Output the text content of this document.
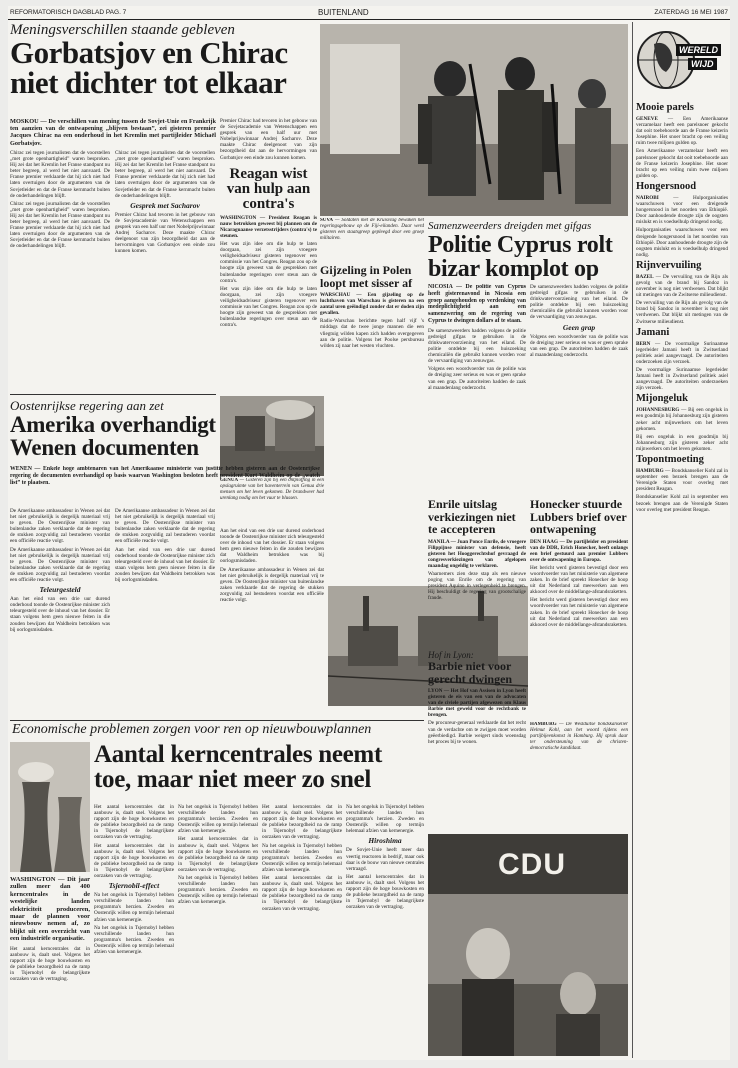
REFORMATORISCH DAGBLAD PAG. 7	BUITENLAND	ZATERDAG 16 MEI 1987

Meningsverschillen staande gebleven

Gorbatsjov en Chirac

niet dichter tot elkaar

MOSKOU — De verschillen van mening tussen de Sovjet-Unie en Frankrijk ten aanzien van de ontwapening „blijven bestaan”, zei gisteren premier Jacques Chirac na een onderhoud in het Kremlin met partijleider Michaël Gorbatsjov.

Chirac zei tegen journalisten dat de voorstellen „met grote openhartigheid” waren besproken. Hij zei dat het Kremlin het Franse standpunt nu beter begreep, al werd het niet aanvaard. De Franse premier verklaarde dat hij zich niet had laten overtuigen door de argumenten van de Sovjetleider en dat de Franse kernmacht buiten de onderhandelingen blijft.

Chirac zei tegen journalisten dat de voorstellen „met grote openhartigheid” waren besproken. Hij zei dat het Kremlin het Franse standpunt nu beter begreep, al werd het niet aanvaard. De Franse premier verklaarde dat hij zich niet had laten overtuigen door de argumenten van de Sovjetleider en dat de Franse kernmacht buiten de onderhandelingen blijft.

Chirac zei tegen journalisten dat de voorstellen „met grote openhartigheid” waren besproken. Hij zei dat het Kremlin het Franse standpunt nu beter begreep, al werd het niet aanvaard. De Franse premier verklaarde dat hij zich niet had laten overtuigen door de argumenten van de Sovjetleider en dat de Franse kernmacht buiten de onderhandelingen blijft.

Gesprek met Sacharov

Premier Chirac had tevoren in het gebouw van de Sovjetacademie van Wetenschappen een gesprek van een half uur met Nobelprijswinnaar Andrej Sacharov. Deze maakte Chirac deelgenoot van zijn bezorgdheid dat aan de hervormingen van Gorbatsjov een einde zou kunnen komen.

Premier Chirac had tevoren in het gebouw van de Sovjetacademie van Wetenschappen een gesprek van een half uur met Nobelprijswinnaar Andrej Sacharov. Deze maakte Chirac deelgenoot van zijn bezorgdheid dat aan de hervormingen van Gorbatsjov een einde zou kunnen komen.

Reagan wist van hulp aan contra's

WASHINGTON — President Reagan is nauw betrokken geweest bij plannen om de Nicaraguaanse verzetsstrijders (contra's) te steunen.

Het was zijn idee om die hulp te laten doorgaan, zei zijn vroegere veiligheidsadviseur gisteren tegenover een commissie van het Congres. Reagan zou op de hoogte zijn geweest van de gesprekken met buitenlandse regeringen over steun aan de contra's.

Het was zijn idee om die hulp te laten doorgaan, zei zijn vroegere veiligheidsadviseur gisteren tegenover een commissie van het Congres. Reagan zou op de hoogte zijn geweest van de gesprekken met buitenlandse regeringen over steun aan de contra's.

SUVA — Soldaten met de Kruisvlag bewaken het regeringsgebouw op de Fiji-eilanden. Daar werd gisteren een staatsgreep gepleegd door een groep militairen.

Gijzeling in Polen loopt met sisser af

WARSCHAU — Een gijzeling op de luchthaven van Warschau is gisteren na een aantal uren geëindigd zonder dat er doden zijn gevallen.

Radio-Warschau berichtte tegen half vijf 's middags dat de twee jonge mannen die een vliegtuig wilden kapen zich hadden overgegeven aan de politie. Volgens het Poolse persbureau wilden zij naar het westen vluchten.

Samenzweerders dreigden met gifgas

Politie Cyprus rolt

bizar komplot op

NICOSIA — De politie van Cyprus heeft gisterenavond in Nicosia een groep aangehouden op verdenking van medeplichtigheid aan een samenzwering om de regering van Cyprus te dwingen dollars af te staan.

De samenzweerders hadden volgens de politie gedreigd gifgas te gebruiken in de drinkwatervoorziening van het eiland. De politie ontdekte bij een huiszoeking chemicaliën die gebruikt kunnen worden voor de vervaardiging van zenuwgas.

Volgens een woordvoerder van de politie was de dreiging zeer serieus en was er geen sprake van een grap. De autoriteiten hadden de zaak al maandenlang onderzocht.

De samenzweerders hadden volgens de politie gedreigd gifgas te gebruiken in de drinkwatervoorziening van het eiland. De politie ontdekte bij een huiszoeking chemicaliën die gebruikt kunnen worden voor de vervaardiging van zenuwgas.

Geen grap

Volgens een woordvoerder van de politie was de dreiging zeer serieus en was er geen sprake van een grap. De autoriteiten hadden de zaak al maandenlang onderzocht.

GENUA — Gisteren zijn bij een ontploffing in een opslagruimte van het haventerrein van Genua drie mensen om het leven gekomen. De brandweer had urenlang nodig om het vuur te blussen.

Oostenrijkse regering aan zet

Amerika overhandigt

Wenen documenten

WENEN — Enkele hoge ambtenaren van het Amerikaanse ministerie van justitie hebben gisteren aan de Oostenrijkse regering de documenten overhandigd op basis waarvan Washington besloten heeft president Kurt Waldheim op de „watch list” te plaatsen.

De Amerikaanse ambassadeur in Wenen zei dat het niet gebruikelijk is dergelijk materiaal vrij te geven. De Oostenrijkse minister van buitenlandse zaken verklaarde dat de regering de stukken zorgvuldig zal bestuderen voordat een officiële reactie volgt.

De Amerikaanse ambassadeur in Wenen zei dat het niet gebruikelijk is dergelijk materiaal vrij te geven. De Oostenrijkse minister van buitenlandse zaken verklaarde dat de regering de stukken zorgvuldig zal bestuderen voordat een officiële reactie volgt.

Teleurgesteld

Aan het eind van een drie uur durend onderhoud toonde de Oostenrijkse minister zich teleurgesteld over de inhoud van het dossier. Er staan volgens hem geen nieuwe feiten in die zouden bewijzen dat Waldheim betrokken was bij oorlogsmisdaden.

De Amerikaanse ambassadeur in Wenen zei dat het niet gebruikelijk is dergelijk materiaal vrij te geven. De Oostenrijkse minister van buitenlandse zaken verklaarde dat de regering de stukken zorgvuldig zal bestuderen voordat een officiële reactie volgt.

Aan het eind van een drie uur durend onderhoud toonde de Oostenrijkse minister zich teleurgesteld over de inhoud van het dossier. Er staan volgens hem geen nieuwe feiten in die zouden bewijzen dat Waldheim betrokken was bij oorlogsmisdaden.

Aan het eind van een drie uur durend onderhoud toonde de Oostenrijkse minister zich teleurgesteld over de inhoud van het dossier. Er staan volgens hem geen nieuwe feiten in die zouden bewijzen dat Waldheim betrokken was bij oorlogsmisdaden.

De Amerikaanse ambassadeur in Wenen zei dat het niet gebruikelijk is dergelijk materiaal vrij te geven. De Oostenrijkse minister van buitenlandse zaken verklaarde dat de regering de stukken zorgvuldig zal bestuderen voordat een officiële reactie volgt.

Enrile uitslag verkiezingen niet te accepteren

MANILA — Juan Ponce Enrile, de vroegere Filippijnse minister van defensie, heeft gisteren het Hooggerechtshof gevraagd de congresverkiezingen van afgelopen maandag ongeldig te verklaren.

Waarnemers zien deze stap als een nieuwe poging van Enrile om de regering van president Aquino in verlegenheid te brengen. Hij beschuldigt de regering van grootschalige fraude.

Honecker stuurde Lubbers brief over ontwapening

DEN HAAG — De partijleider en president van de DDR, Erich Honecker, heeft onlangs een brief gestuurd aan premier Lubbers over de ontwapening in Europa.

Het bericht werd gisteren bevestigd door een woordvoerder van het ministerie van algemene zaken. In de brief spreekt Honecker de hoop uit dat Nederland zal meewerken aan een akkoord over de middellange-afstandsraketten.

Het bericht werd gisteren bevestigd door een woordvoerder van het ministerie van algemene zaken. In de brief spreekt Honecker de hoop uit dat Nederland zal meewerken aan een akkoord over de middellange-afstandsraketten.

Hof in Lyon:

Barbie niet voor gerecht dwingen

LYON — Het Hof van Assisen in Lyon heeft gisteren de eis van een van de advocaten van de civiele partijen afgewezen om Klaus Barbie met geweld voor de rechtbank te brengen.

De procureur-generaal verklaarde dat het recht van de verdachte om te zwijgen moet worden geëerbiedigd. Barbie weigert sinds woensdag het proces bij te wonen.

HAMBURG — De Westduitse bondskanselier Helmut Kohl, aan het woord tijdens een partijbijeenkomst in Hamburg. Hij sprak daar ter ondersteuning van de christen-democratische kandidaat.

Economische problemen zorgen voor ren op nieuwbouwplannen

Aantal kerncentrales neemt

toe, maar niet meer zo snel

WASHINGTON — Dit jaar zullen meer dan 400 kerncentrales in de westelijke landen elektriciteit produceren, maar de plannen voor nieuwbouw nemen af, zo blijkt uit een overzicht van een industriële organisatie.

Het aantal kerncentrales dat in aanbouw is, daalt snel. Volgens het rapport zijn de hoge bouwkosten en de publieke bezorgdheid na de ramp in Tsjernobyl de belangrijkste oorzaken van de vertraging.

Het aantal kerncentrales dat in aanbouw is, daalt snel. Volgens het rapport zijn de hoge bouwkosten en de publieke bezorgdheid na de ramp in Tsjernobyl de belangrijkste oorzaken van de vertraging.

Het aantal kerncentrales dat in aanbouw is, daalt snel. Volgens het rapport zijn de hoge bouwkosten en de publieke bezorgdheid na de ramp in Tsjernobyl de belangrijkste oorzaken van de vertraging.

Tsjernobil-effect

Na het ongeluk in Tsjernobyl hebben verschillende landen hun programma's herzien. Zweden en Oostenrijk willen op termijn helemaal afzien van kernenergie.

Na het ongeluk in Tsjernobyl hebben verschillende landen hun programma's herzien. Zweden en Oostenrijk willen op termijn helemaal afzien van kernenergie.

Na het ongeluk in Tsjernobyl hebben verschillende landen hun programma's herzien. Zweden en Oostenrijk willen op termijn helemaal afzien van kernenergie.

Het aantal kerncentrales dat in aanbouw is, daalt snel. Volgens het rapport zijn de hoge bouwkosten en de publieke bezorgdheid na de ramp in Tsjernobyl de belangrijkste oorzaken van de vertraging.

Na het ongeluk in Tsjernobyl hebben verschillende landen hun programma's herzien. Zweden en Oostenrijk willen op termijn helemaal afzien van kernenergie.

Het aantal kerncentrales dat in aanbouw is, daalt snel. Volgens het rapport zijn de hoge bouwkosten en de publieke bezorgdheid na de ramp in Tsjernobyl de belangrijkste oorzaken van de vertraging.

Na het ongeluk in Tsjernobyl hebben verschillende landen hun programma's herzien. Zweden en Oostenrijk willen op termijn helemaal afzien van kernenergie.

Het aantal kerncentrales dat in aanbouw is, daalt snel. Volgens het rapport zijn de hoge bouwkosten en de publieke bezorgdheid na de ramp in Tsjernobyl de belangrijkste oorzaken van de vertraging.

Na het ongeluk in Tsjernobyl hebben verschillende landen hun programma's herzien. Zweden en Oostenrijk willen op termijn helemaal afzien van kernenergie.

Hiroshima

De Sovjet-Unie heeft meer dan veertig reactoren in bedrijf, maar ook daar is de bouw van nieuwe centrales vertraagd.

Het aantal kerncentrales dat in aanbouw is, daalt snel. Volgens het rapport zijn de hoge bouwkosten en de publieke bezorgdheid na de ramp in Tsjernobyl de belangrijkste oorzaken van de vertraging.

CDU
WERELD
WIJD

Mooie parels

GENEVE — Een Amerikaanse verzamelaar heeft een parelsnoer gekocht dat ooit toebehoorde aan de Franse keizerin Josephine. Het snoer bracht op een veiling ruim twee miljoen gulden op.

Een Amerikaanse verzamelaar heeft een parelsnoer gekocht dat ooit toebehoorde aan de Franse keizerin Josephine. Het snoer bracht op een veiling ruim twee miljoen gulden op.

Hongersnood

NAIROBI — Hulporganisaties waarschuwen voor een dreigende hongersnood in het noorden van Ethiopië. Door aanhoudende droogte zijn de oogsten mislukt en is voedselhulp dringend nodig.

Hulporganisaties waarschuwen voor een dreigende hongersnood in het noorden van Ethiopië. Door aanhoudende droogte zijn de oogsten mislukt en is voedselhulp dringend nodig.

Rijnvervuiling

BAZEL — De vervuiling van de Rijn als gevolg van de brand bij Sandoz in november is nog niet verdwenen. Dat blijkt uit metingen van de Zwitserse milieudienst.

De vervuiling van de Rijn als gevolg van de brand bij Sandoz in november is nog niet verdwenen. Dat blijkt uit metingen van de Zwitserse milieudienst.

Jamani

BERN — De voormalige Surinaamse legerleider Jamani heeft in Zwitserland politiek asiel aangevraagd. De autoriteiten onderzoeken zijn verzoek.

De voormalige Surinaamse legerleider Jamani heeft in Zwitserland politiek asiel aangevraagd. De autoriteiten onderzoeken zijn verzoek.

Mijongeluk

JOHANNESBURG — Bij een ongeluk in een goudmijn bij Johannesburg zijn gisteren zeker acht mijnwerkers om het leven gekomen.

Bij een ongeluk in een goudmijn bij Johannesburg zijn gisteren zeker acht mijnwerkers om het leven gekomen.

Topontmoeting

HAMBURG — Bondskanselier Kohl zal in september een bezoek brengen aan de Verenigde Staten voor overleg met president Reagan.

Bondskanselier Kohl zal in september een bezoek brengen aan de Verenigde Staten voor overleg met president Reagan.
